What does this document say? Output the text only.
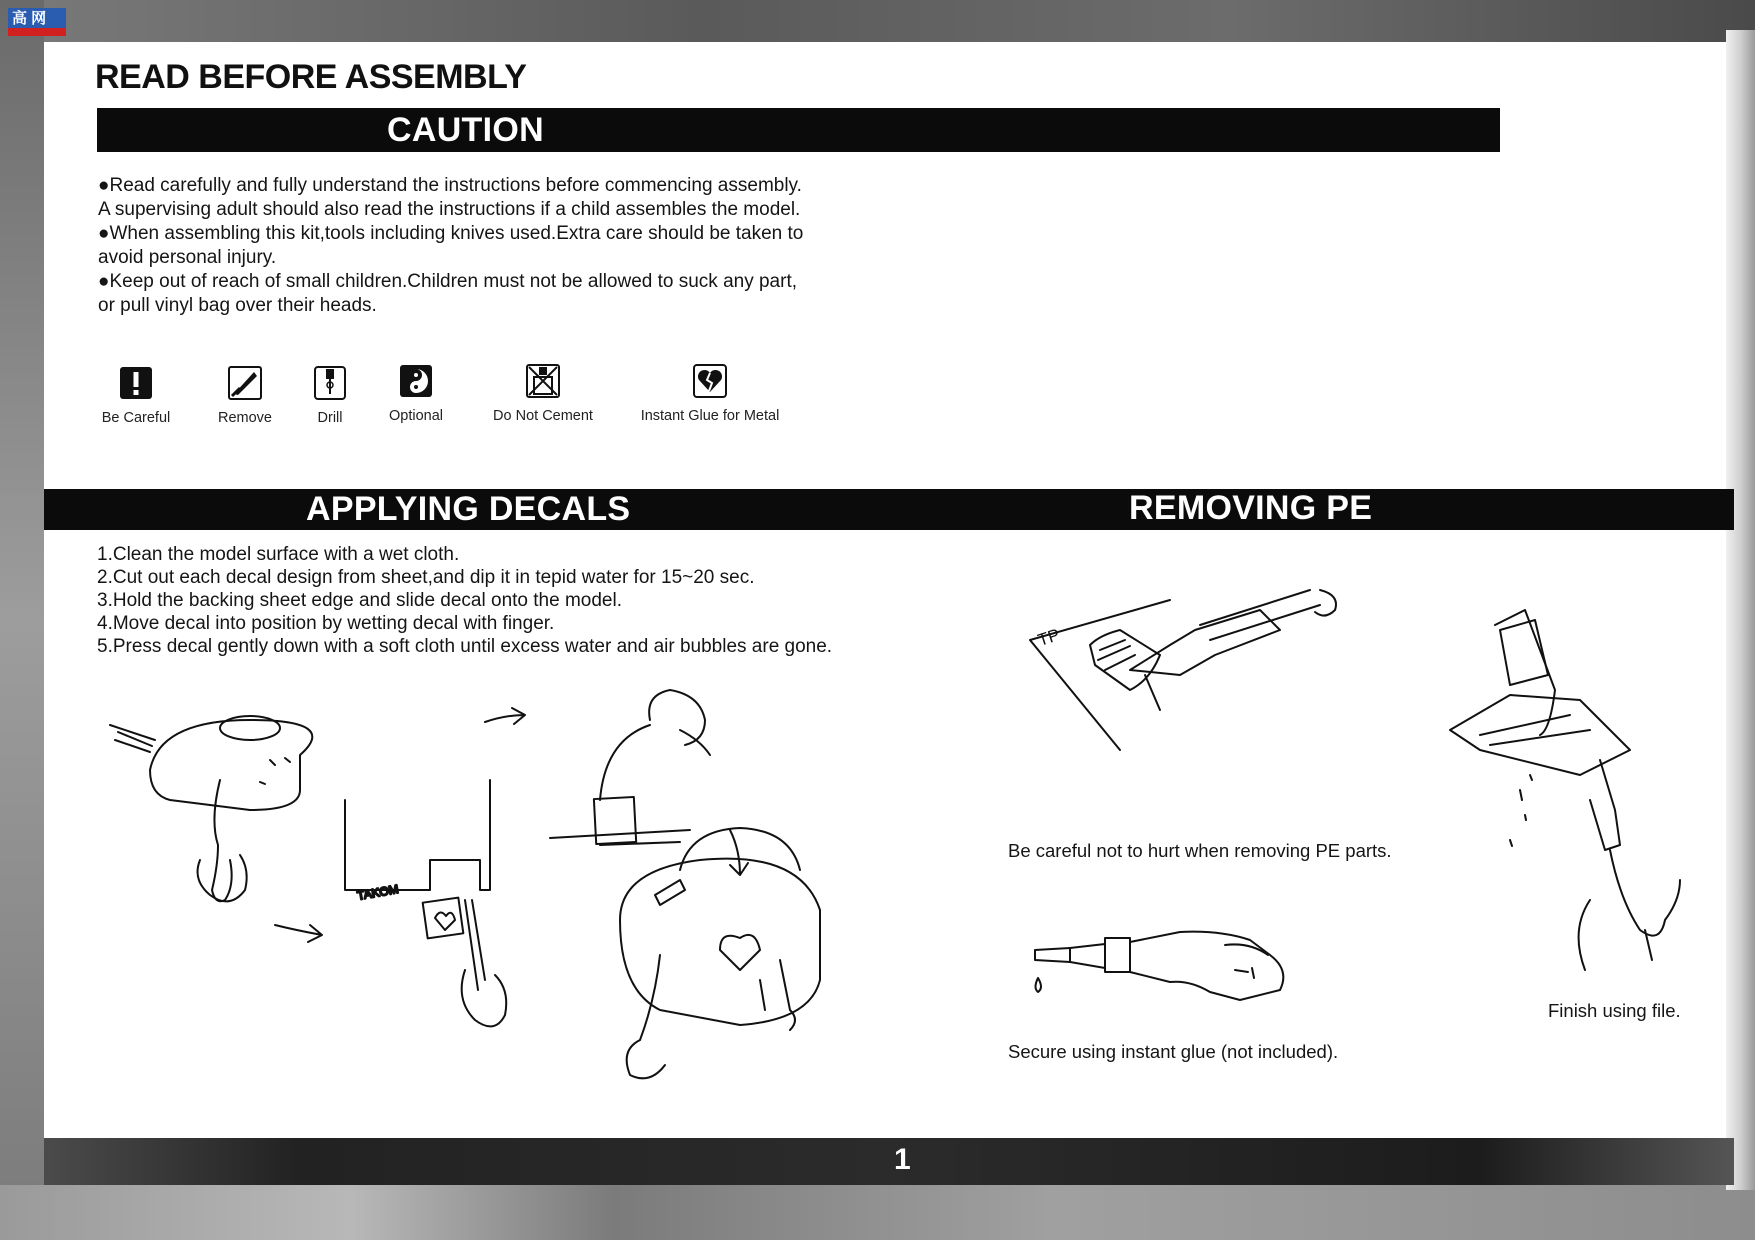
高 网
READ BEFORE ASSEMBLY
CAUTION

●Read carefully and fully understand the instructions before commencing assembly.

A supervising adult should also read the instructions if a child assembles the model.

●When assembling this kit,tools including knives used.Extra care should be taken to

avoid personal injury.

●Keep out of reach of small children.Children must not be allowed to suck any part,

or pull vinyl bag over their heads.

Be Careful	Remove	Drill	Optional	Do Not Cement	Instant Glue for Metal
APPLYING DECALS	REMOVING PE

1.Clean the model surface with a wet cloth.

2.Cut out each decal design from sheet,and dip it in tepid water for 15~20 sec.

3.Hold the backing sheet edge and slide decal onto the model.

4.Move decal into position by wetting decal with finger.

5.Press decal gently down with a soft cloth until excess water and air bubbles are gone.

TAKOM
TP
Be careful not to hurt when removing PE parts.
Secure using instant glue (not included).
Finish using file.
1
